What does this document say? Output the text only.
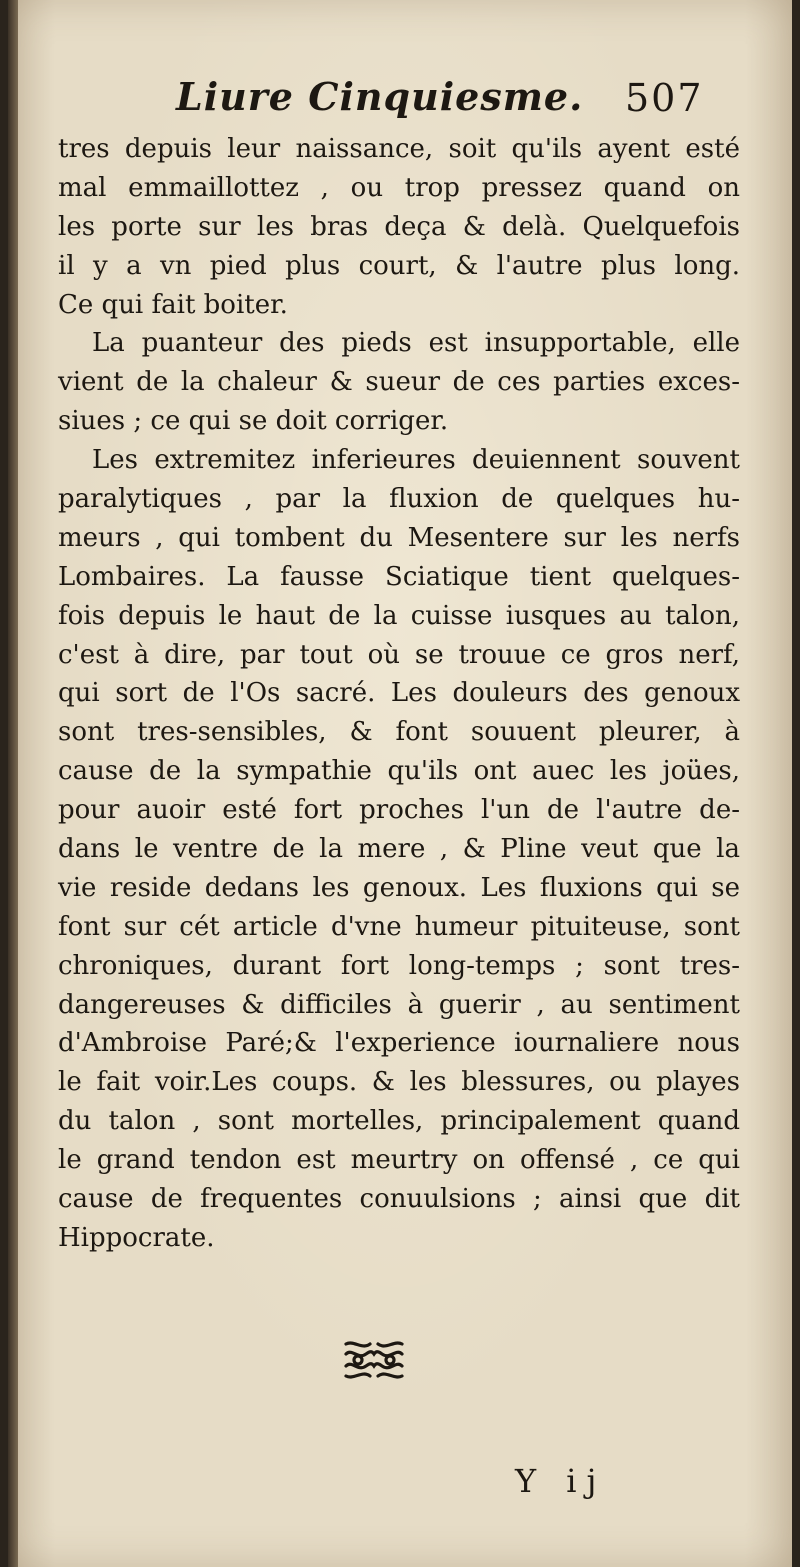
Liure Cinquiesme. 507
tres depuis leur naissance, soit qu'ils ayent esté
mal emmaillottez , ou trop pressez quand on
les porte sur les bras deça & delà. Quelquefois
il y a vn pied plus court, & l'autre plus long.
Ce qui fait boiter.
La puanteur des pieds est insupportable, elle
vient de la chaleur & sueur de ces parties exces-
siues ; ce qui se doit corriger.
Les extremitez inferieures deuiennent souvent
paralytiques , par la fluxion de quelques hu-
meurs , qui tombent du Mesentere sur les nerfs
Lombaires. La fausse Sciatique tient quelques-
fois depuis le haut de la cuisse iusques au talon,
c'est à dire, par tout où se trouue ce gros nerf,
qui sort de l'Os sacré. Les douleurs des genoux
sont tres-sensibles, & font souuent pleurer, à
cause de la sympathie qu'ils ont auec les joües,
pour auoir esté fort proches l'un de l'autre de-
dans le ventre de la mere , & Pline veut que la
vie reside dedans les genoux. Les fluxions qui se
font sur cét article d'vne humeur pituiteuse, sont
chroniques, durant fort long-temps ; sont tres-
dangereuses & difficiles à guerir , au sentiment
d'Ambroise Paré;& l'experience iournaliere nous
le fait voir.Les coups. & les blessures, ou playes
du talon , sont mortelles, principalement quand
le grand tendon est meurtry on offensé , ce qui
cause de frequentes conuulsions ; ainsi que dit
Hippocrate.
Y ij
